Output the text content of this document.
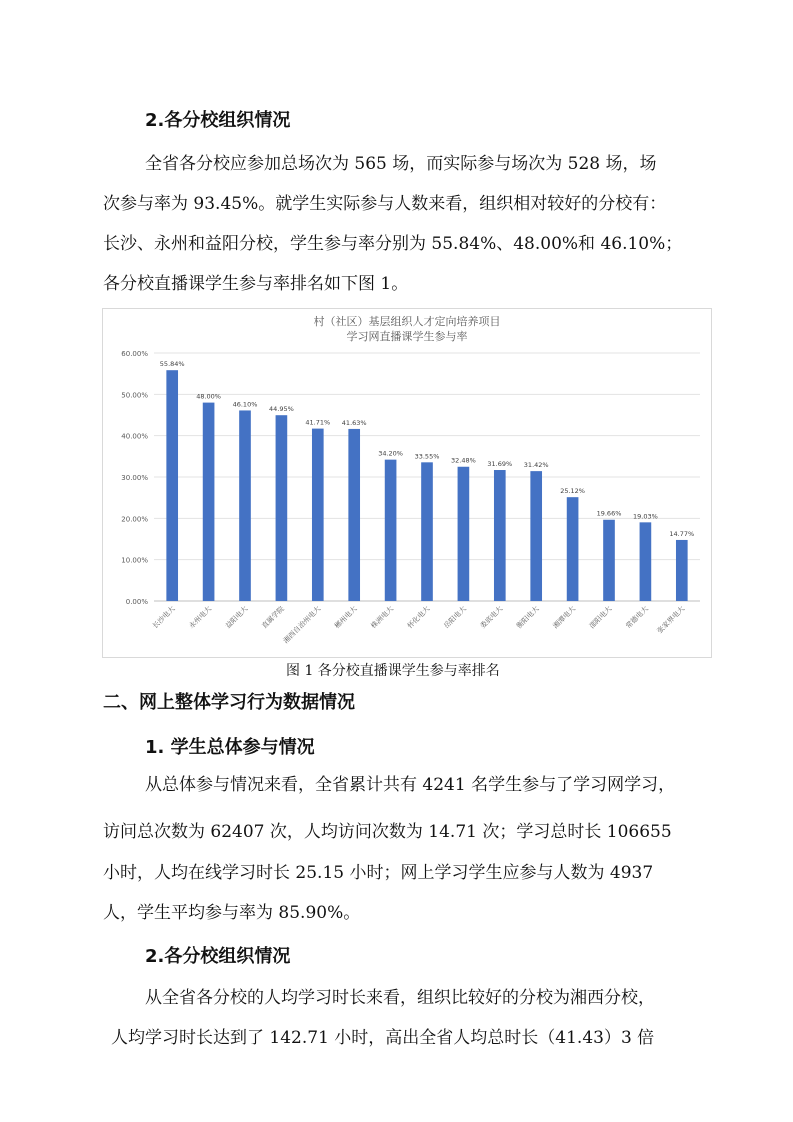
2.各分校组织情况
全省各分校应参加总场次为 565 场，而实际参与场次为 528 场，场
次参与率为 93.45%。就学生实际参与人数来看，组织相对较好的分校有：
长沙、永州和益阳分校，学生参与率分别为 55.84%、48.00%和 46.10%；
各分校直播课学生参与率排名如下图 1。
村（社区）基层组织人才定向培养项目
学习网直播课学生参与率
0.00%
10.00%
20.00%
30.00%
40.00%
50.00%
60.00%
55.84%
长沙电大
48.00%
永州电大
46.10%
益阳电大
44.95%
直属学院
41.71%
湘西自治州电大
41.63%
郴州电大
34.20%
株洲电大
33.55%
怀化电大
32.48%
岳阳电大
31.69%
娄底电大
31.42%
衡阳电大
25.12%
湘潭电大
19.66%
邵阳电大
19.03%
常德电大
14.77%
张家界电大
图 1 各分校直播课学生参与率排名
二、网上整体学习行为数据情况
1. 学生总体参与情况
从总体参与情况来看，全省累计共有 4241 名学生参与了学习网学习，
访问总次数为 62407 次，人均访问次数为 14.71 次；学习总时长 106655
小时，人均在线学习时长 25.15 小时；网上学习学生应参与人数为 4937
人，学生平均参与率为 85.90%。
2.各分校组织情况
从全省各分校的人均学习时长来看，组织比较好的分校为湘西分校，
人均学习时长达到了 142.71 小时，高出全省人均总时长（41.43）3 倍
